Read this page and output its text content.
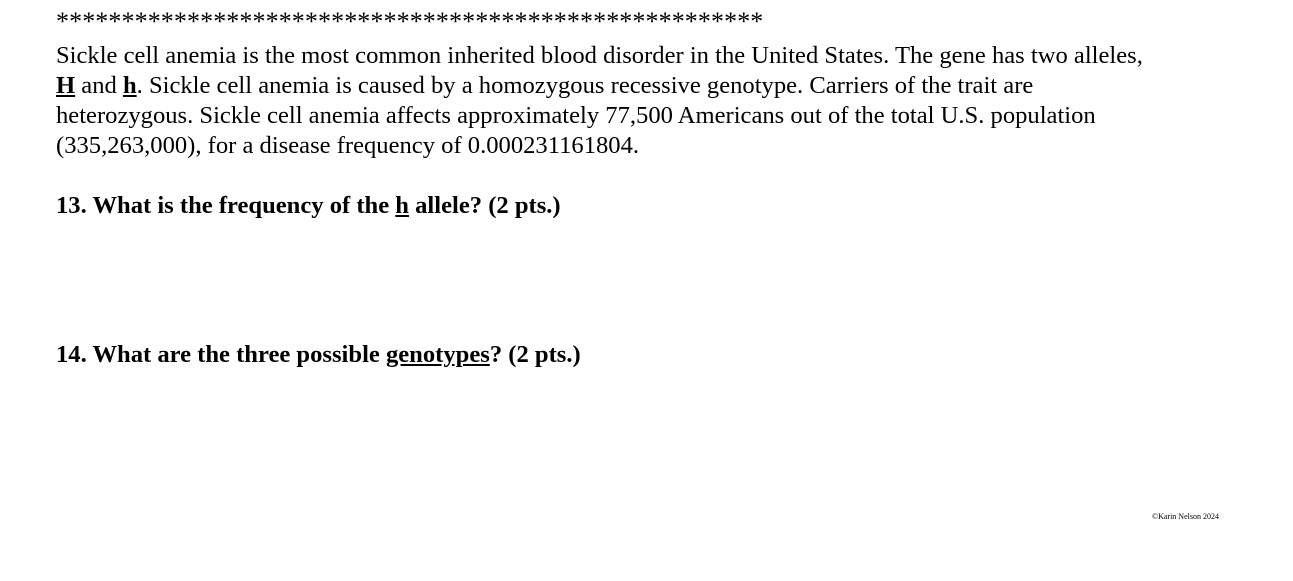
******************************************************

Sickle cell anemia is the most common inherited blood disorder in the United States. The gene has two alleles,
H and h. Sickle cell anemia is caused by a homozygous recessive genotype. Carriers of the trait are
heterozygous. Sickle cell anemia affects approximately 77,500 Americans out of the total U.S. population
(335,263,000), for a disease frequency of 0.000231161804.

13. What is the frequency of the h allele? (2 pts.)

14. What are the three possible genotypes? (2 pts.)

©Karin Nelson 2024
